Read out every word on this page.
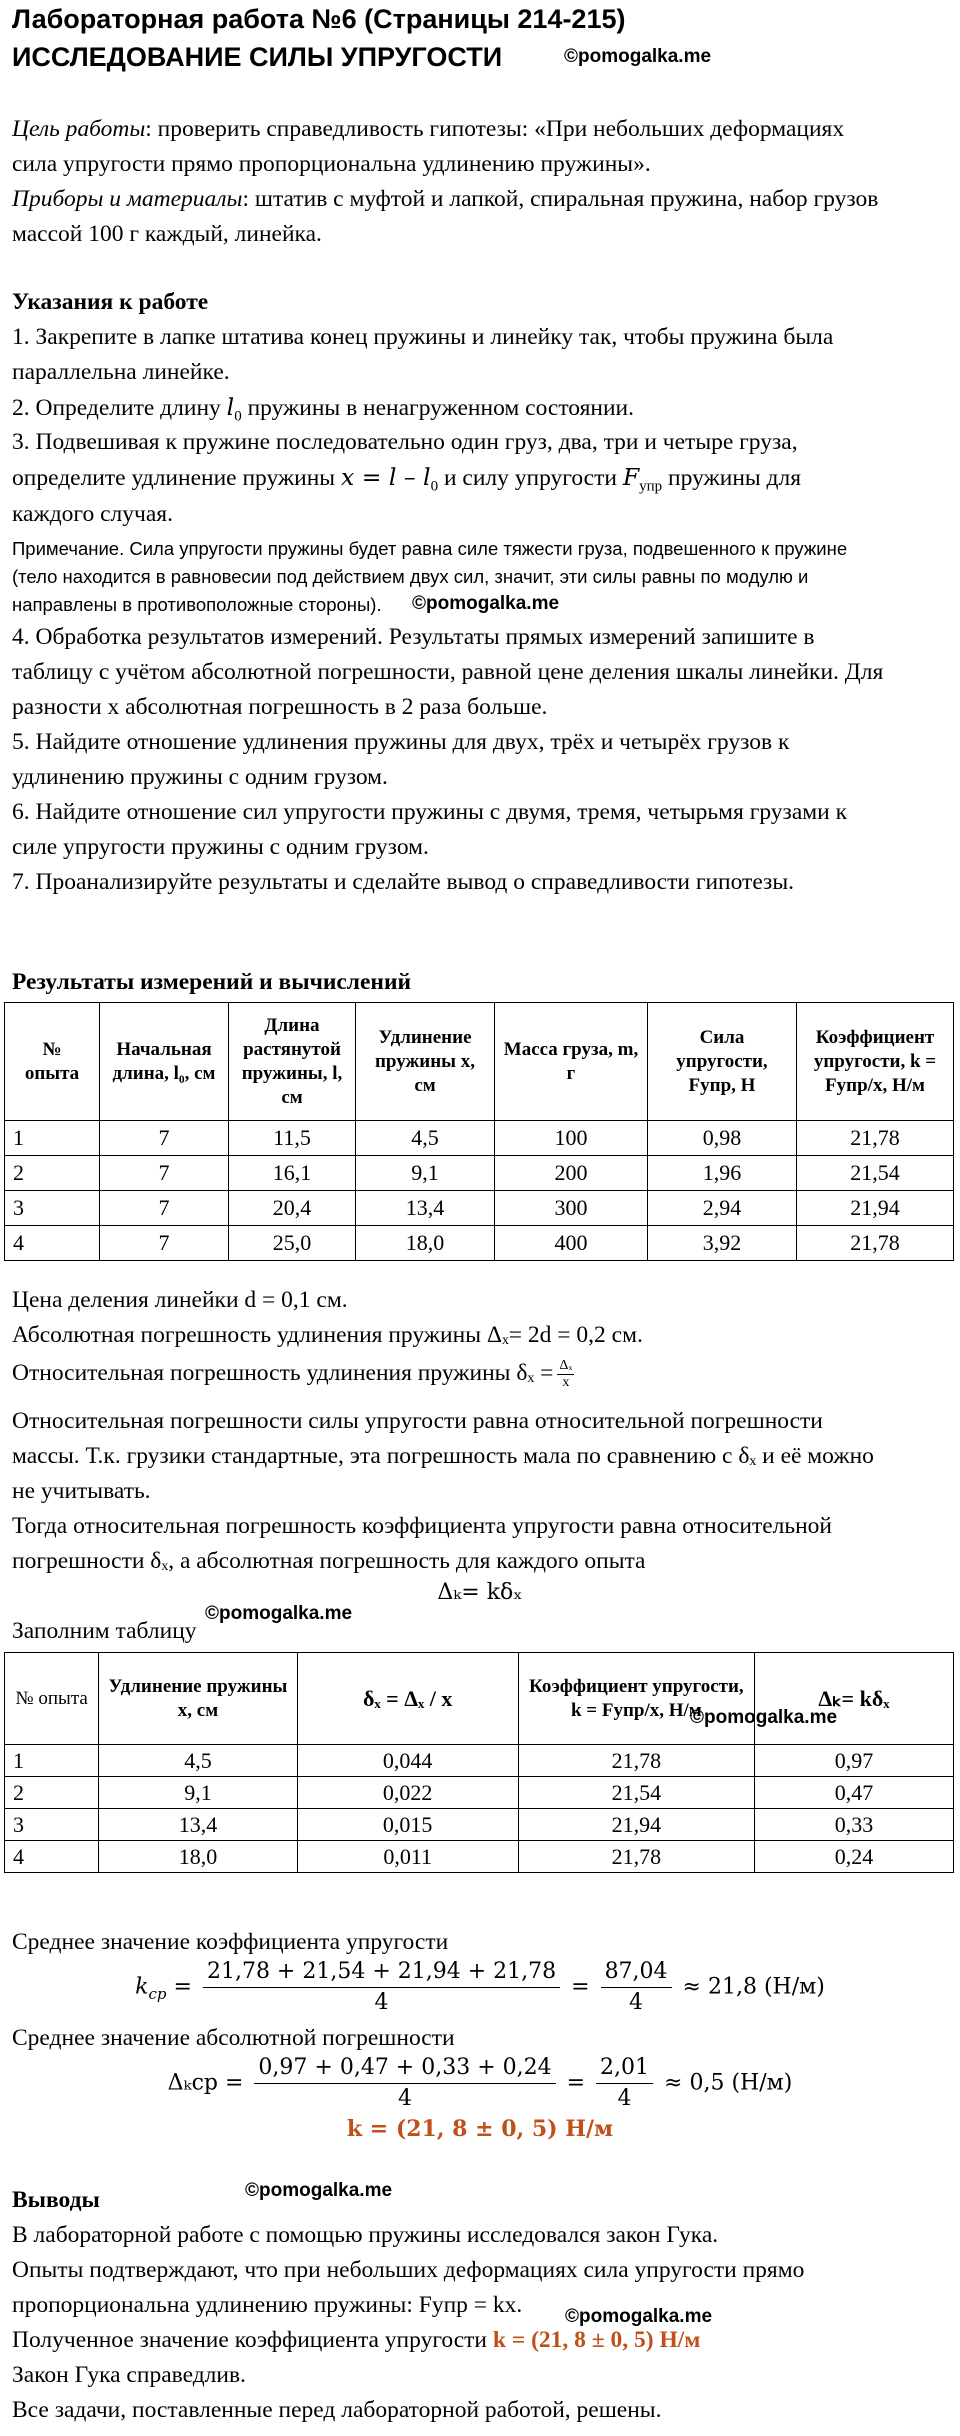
Лабораторная работа №6 (Страницы 214-215)
ИССЛЕДОВАНИЕ СИЛЫ УПРУГОСТИ	©pomogalka.me
Цель работы: проверить справедливость гипотезы: «При небольших деформациях
сила упругости прямо пропорциональна удлинению пружины».
Приборы и материалы: штатив с муфтой и лапкой, спиральная пружина, набор грузов
массой 100 г каждый, линейка.
Указания к работе
1. Закрепите в лапке штатива конец пружины и линейку так, чтобы пружина была
параллельна линейке.
2. Определите длину $l_0$ пружины в ненагруженном состоянии.
3. Подвешивая к пружине последовательно один груз, два, три и четыре груза,
определите удлинение пружины $x = l - l_0$ и силу упругости $F_{упр}$ пружины для
каждого случая.
Примечание. Сила упругости пружины будет равна силе тяжести груза, подвешенного к пружине
(тело находится в равновесии под действием двух сил, значит, эти силы равны по модулю и
направлены в противоположные стороны). ©pomogalka.me
4. Обработка результатов измерений. Результаты прямых измерений запишите в
таблицу с учётом абсолютной погрешности, равной цене деления шкалы линейки. Для
разности x абсолютная погрешность в 2 раза больше.
5. Найдите отношение удлинения пружины для двух, трёх и четырёх грузов к
удлинению пружины с одним грузом.
6. Найдите отношение сил упругости пружины с двумя, тремя, четырьмя грузами к
силе упругости пружины с одним грузом.
7. Проанализируйте результаты и сделайте вывод о справедливости гипотезы.
Результаты измерений и вычислений
№ опыта	Начальная длина, l₀, см	Длина растянутой пружины, l, см	Удлинение пружины x, см	Масса груза, m, г	Сила упругости, Fупр, Н	Коэффициент упругости, k = Fупр/x, Н/м
1	7	11,5	4,5	100	0,98	21,78
2	7	16,1	9,1	200	1,96	21,54
3	7	20,4	13,4	300	2,94	21,94
4	7	25,0	18,0	400	3,92	21,78
Цена деления линейки d = 0,1 см.
Абсолютная погрешность удлинения пружины Δₓ= 2d = 0,2 см.
Относительная погрешность удлинения пружины $\delta_x = \frac{\text{Δₓ}}{x}$
Относительная погрешности силы упругости равна относительной погрешности
массы. Т.к. грузики стандартные, эта погрешность мала по сравнению с δₓ и её можно
не учитывать.
Тогда относительная погрешность коэффициента упругости равна относительной
погрешности δₓ, а абсолютная погрешность для каждого опыта
Δₖ= kδₓ
©pomogalka.me
Заполним таблицу
№ опыта	Удлинение пружины x, см	δₓ = Δₓ / x	Коэффициент упругости, k = Fупр/x, Н/м	Δₖ= kδₓ
1	4,5	0,044	21,78	0,97
2	9,1	0,022	21,54	0,47
3	13,4	0,015	21,94	0,33
4	18,0	0,011	21,78	0,24
©pomogalka.me
Среднее значение коэффициента упругости
$k_{ср} = \frac{21,78 + 21,54 + 21,94 + 21,78}{4} = \frac{87,04}{4} \approx 21,8$ (Н/м)
Среднее значение абсолютной погрешности
$\Delta_kcp = \frac{0,97 + 0,47 + 0,33 + 0,24}{4} = \frac{2,01}{4} \approx 0,5$ (Н/м)
k = (21, 8 ± 0, 5) Н/м
Выводы	©pomogalka.me
В лабораторной работе с помощью пружины исследовался закон Гука.
Опыты подтверждают, что при небольших деформациях сила упругости прямо
пропорциональна удлинению пружины: Fупр = kx.	©pomogalka.me
Полученное значение коэффициента упругости k = (21, 8 ± 0, 5) Н/м
Закон Гука справедлив.
Все задачи, поставленные перед лабораторной работой, решены.
